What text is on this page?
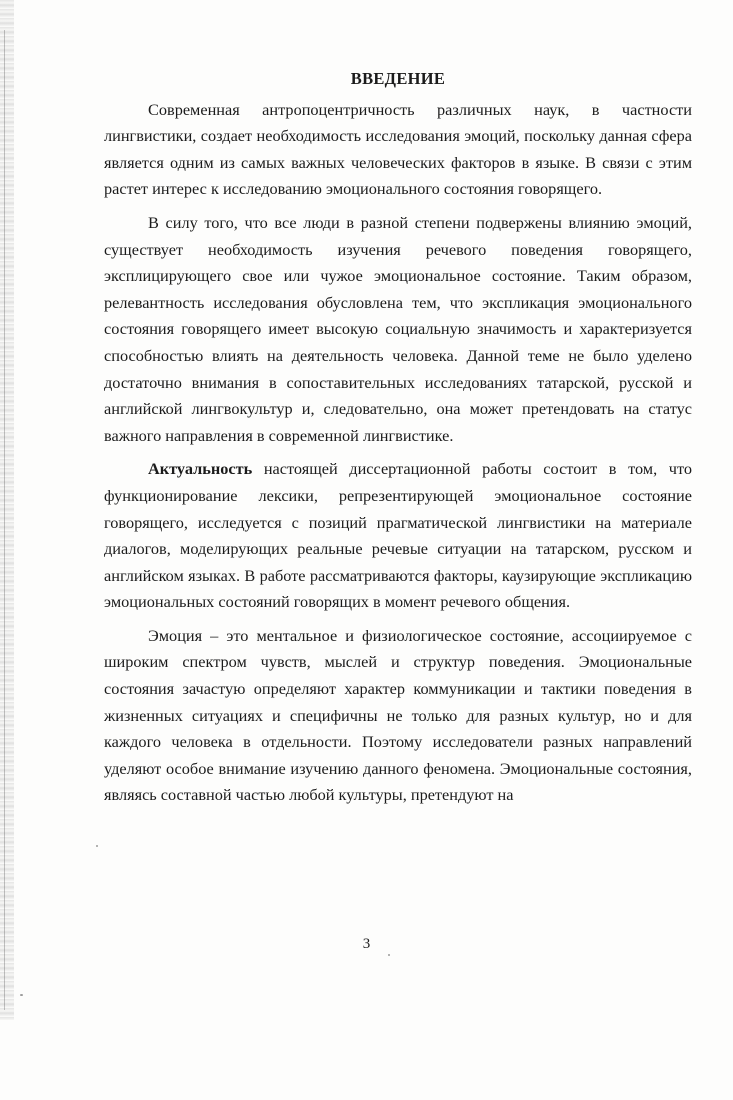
ВВЕДЕНИЕ

Современная антропоцентричность различных наук, в частности лингвистики, создает необходимость исследования эмоций, поскольку данная сфера является одним из самых важных человеческих факторов в языке. В связи с этим растет интерес к исследованию эмоционального состояния говорящего.

В силу того, что все люди в разной степени подвержены влиянию эмоций, существует необходимость изучения речевого поведения говорящего, эксплицирующего свое или чужое эмоциональное состояние. Таким образом, релевантность исследования обусловлена тем, что экспликация эмоционального состояния говорящего имеет высокую социальную значимость и характеризуется способностью влиять на деятельность человека. Данной теме не было уделено достаточно внимания в сопоставительных исследованиях татарской, русской и английской лингвокультур и, следовательно, она может претендовать на статус важного направления в современной лингвистике.

Актуальность настоящей диссертационной работы состоит в том, что функционирование лексики, репрезентирующей эмоциональное состояние говорящего, исследуется с позиций прагматической лингвистики на материале диалогов, моделирующих реальные речевые ситуации на татарском, русском и английском языках. В работе рассматриваются факторы, каузирующие экспликацию эмоциональных состояний говорящих в момент речевого общения.

Эмоция – это ментальное и физиологическое состояние, ассоциируемое с широким спектром чувств, мыслей и структур поведения. Эмоциональные состояния зачастую определяют характер коммуникации и тактики поведения в жизненных ситуациях и специфичны не только для разных культур, но и для каждого человека в отдельности. Поэтому исследователи разных направлений уделяют особое внимание изучению данного феномена. Эмоциональные состояния, являясь составной частью любой культуры, претендуют на

3
